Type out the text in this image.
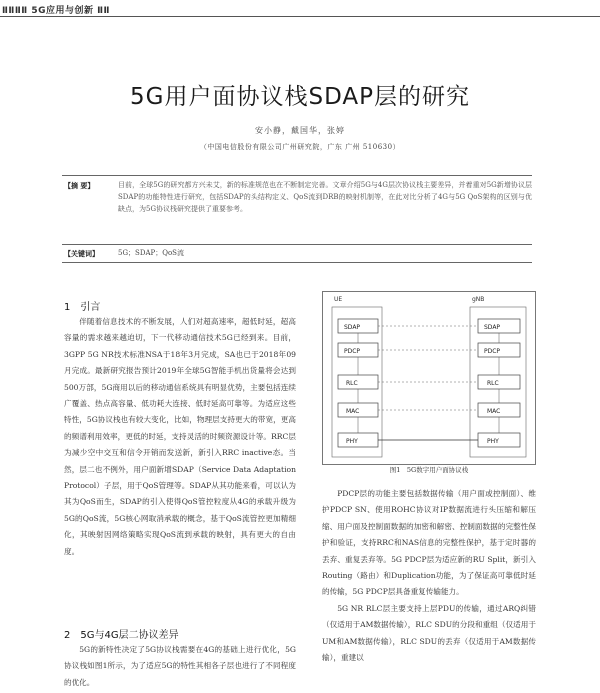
ⅡⅡⅡⅡ 5G应用与创新 ⅡⅡ
5G用户面协议栈SDAP层的研究
安小静，戴国华，张婷
（中国电信股份有限公司广州研究院，广东 广州 510630）
【摘 要】	目前，全球5G的研究都方兴未艾，新的标准规范也在不断制定完善。文章介绍5G与4G层次协议栈主要差异，并着重对5G新增协议层SDAP的功能特性进行研究，包括SDAP的头结构定义、QoS流到DRB的映射机制等，在此对比分析了4G与5G QoS架构的区别与优缺点，为5G协议栈研究提供了重要参考。
【关键词】	5G；SDAP；QoS流
1　引言

伴随着信息技术的不断发展，人们对超高速率，超低时延，超高容量的需求越来越迫切，下一代移动通信技术5G已经到来。目前，3GPP 5G NR技术标准NSA于18年3月完成，SA也已于2018年09月完成。最新研究报告预计2019年全球5G智能手机出货量将会达到500万部，5G商用以后的移动通信系统具有明显优势，主要包括连续广覆盖、热点高容量、低功耗大连接、低时延高可靠等。为适应这些特性，5G协议栈也有较大变化，比如，物理层支持更大的带宽，更高的频谱利用效率，更低的时延，支持灵活的时频资源设计等。RRC层为减少空中交互和信令开销而发送新，新引入RRC inactive态。当然，层二也不例外，用户面新增SDAP（Service Data Adaptation Protocol）子层，用于QoS管理等。SDAP从其功能来看，可以认为其为QoS而生，SDAP的引入使得QoS管控粒度从4G的承载升级为5G的QoS流，5G核心网取消承载的概念，基于QoS流管控更加精细化，其映射因网络策略实现QoS流到承载的映射，具有更大的自由度。

2　5G与4G层二协议差异

5G的新特性决定了5G协议栈需要在4G的基础上进行优化，5G协议栈如图1所示，为了适应5G的特性其相各子层也进行了不同程度的优化。

UE	gNB
SDAP
PDCP
RLC
MAC
PHY
SDAP
PDCP
RLC
MAC
PHY
图1　5G数字用户面协议栈

PDCP层的功能主要包括数据传输（用户面或控制面）、维护PDCP SN、使用ROHC协议对IP数据流进行头压缩和解压缩、用户面及控制面数据的加密和解密、控制面数据的完整性保护和验证，支持RRC和NAS信息的完整性保护，基于定时器的丢弃、重复丢弃等。5G PDCP层为适应新的RU Split，新引入Routing（路由）和Duplication功能，为了保证高可靠低时延的传输，5G PDCP层具备重复传输能力。

5G NR RLC层主要支持上层PDU的传输，通过ARQ纠错（仅适用于AM数据传输），RLC SDU的分段和重组（仅适用于UM和AM数据传输），RLC SDU的丢弃（仅适用于AM数据传输），重建以
